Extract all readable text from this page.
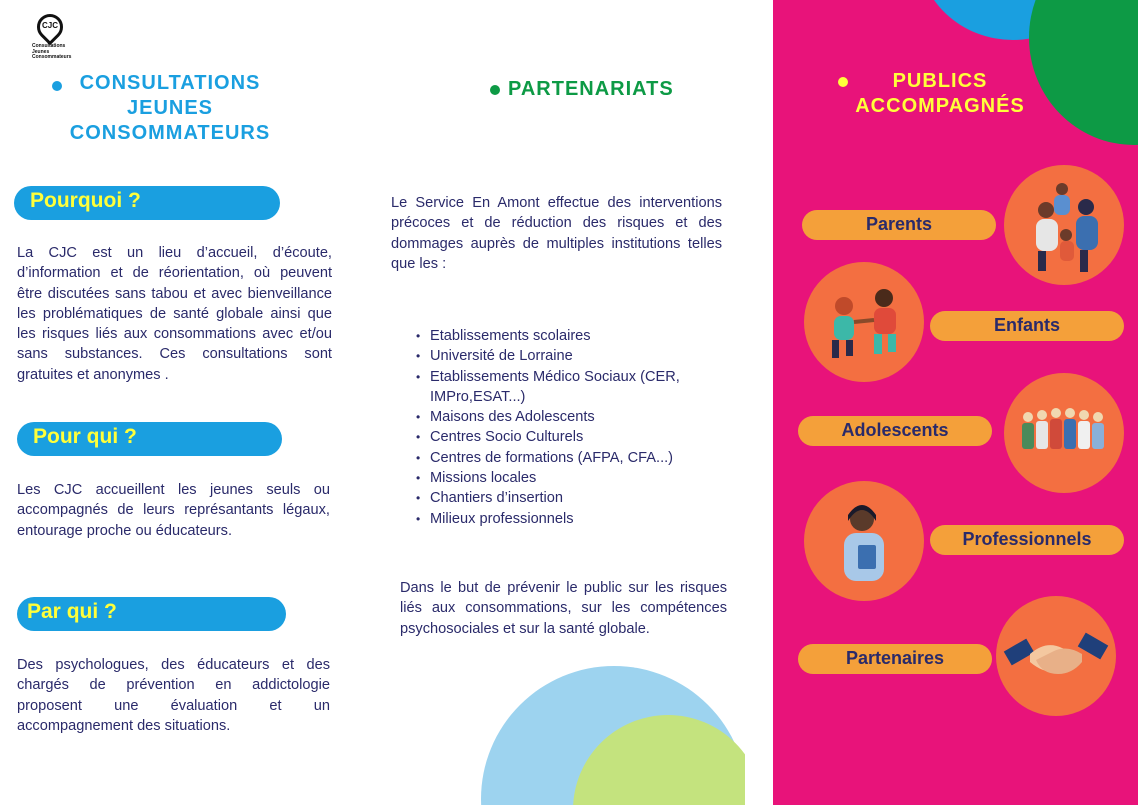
CJC
Consultations
Jeunes
Consommateurs
CONSULTATIONS
JEUNES
CONSOMMATEURS
Pourquoi ?
La CJC est un lieu d’accueil, d’écoute,
d’information et de réorientation, où peuvent
être discutées sans tabou et avec bienveillance
les problématiques de santé globale ainsi que
les risques liés aux consommations avec et/ou
sans substances. Ces consultations sont
gratuites et anonymes .
Pour qui ?
Les CJC accueillent les jeunes seuls ou
accompagnés de leurs représantants légaux,
entourage proche ou éducateurs.
Par qui ?
Des psychologues, des éducateurs et des
chargés de prévention en addictologie
proposent une évaluation et un
accompagnement des situations.
PARTENARIATS
Le Service En Amont effectue des interventions
précoces et de réduction des risques et des
dommages auprès de multiples institutions telles
que les :
• Etablissements scolaires
• Université de Lorraine
• Etablissements Médico Sociaux (CER,
IMPro,ESAT...)
• Maisons des Adolescents
• Centres Socio Culturels
• Centres de formations (AFPA, CFA...)
• Missions locales
• Chantiers d’insertion
• Milieux professionnels
Dans le but de prévenir le public sur les risques
liés aux consommations, sur les compétences
psychosociales et sur la santé globale.
PUBLICS
ACCOMPAGNÉS
Parents
Enfants
Adolescents
Professionnels
Partenaires
